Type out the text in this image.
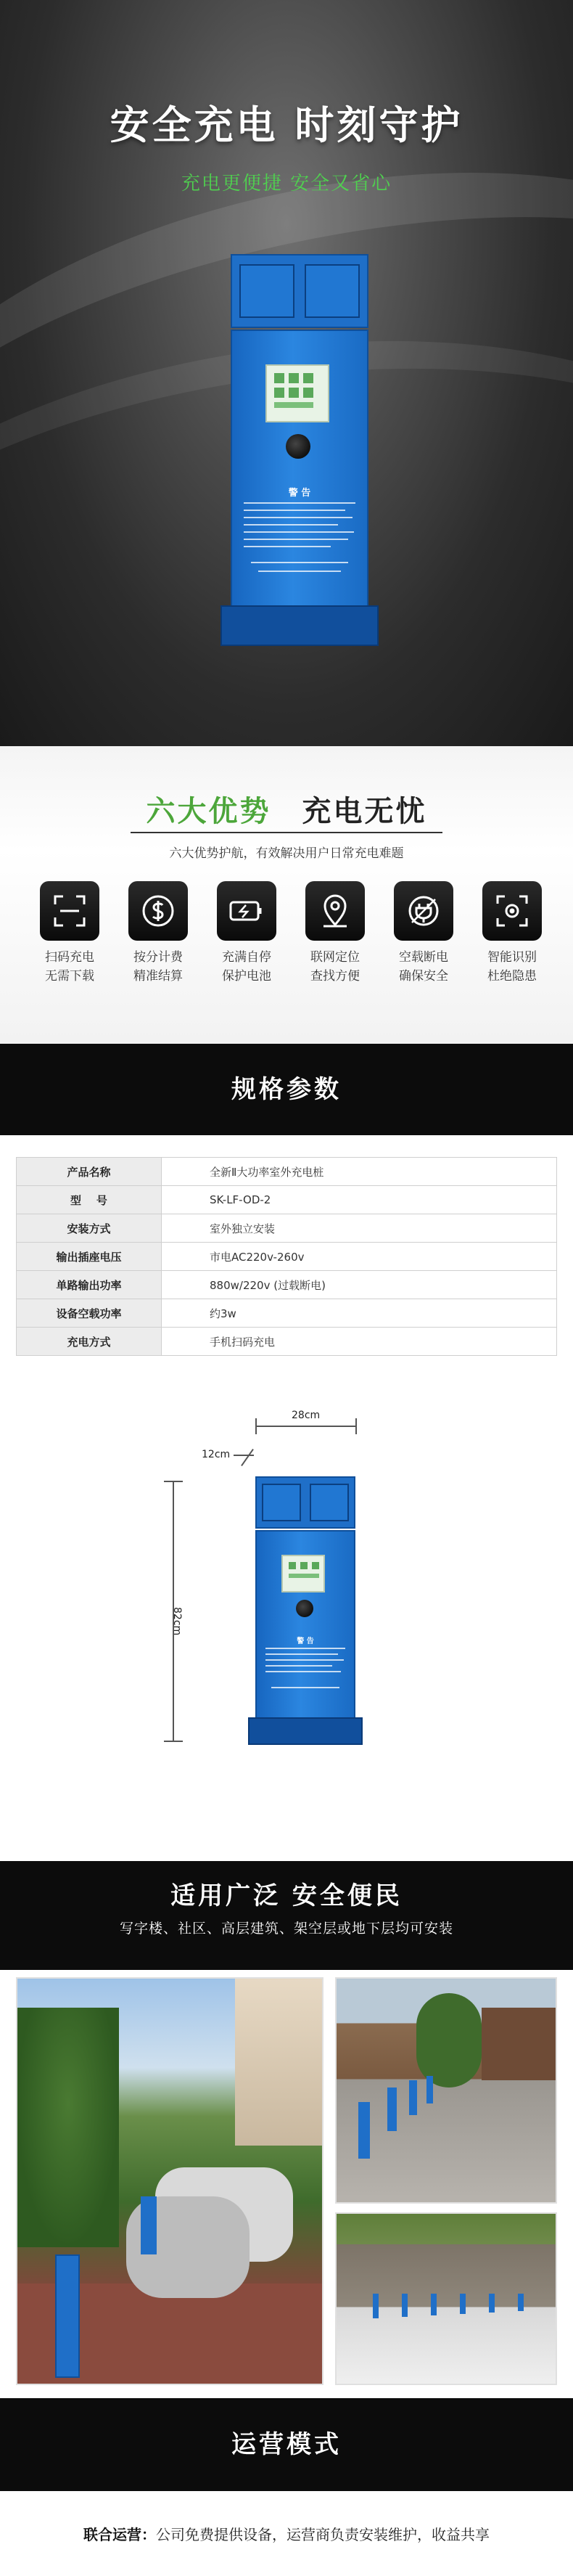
安全充电 时刻守护
充电更便捷 安全又省心
警 告
六大优势 充电无忧
六大优势护航，有效解决用户日常充电难题
扫码充电
无需下载
按分计费
精准结算
充满自停
保护电池
联网定位
查找方便
空载断电
确保安全
智能识别
杜绝隐患
规格参数
产品名称	全新Ⅱ大功率室外充电桩
型    号	SK-LF-OD-2
安装方式	室外独立安装
输出插座电压	市电AC220v-260v
单路输出功率	880w/220v (过载断电)
设备空载功率	约3w
充电方式	手机扫码充电
28cm
12cm
82cm
警 告
适用广泛 安全便民
写字楼、社区、高层建筑、架空层或地下层均可安装
运营模式
联合运营：公司免费提供设备，运营商负责安装维护，收益共享
